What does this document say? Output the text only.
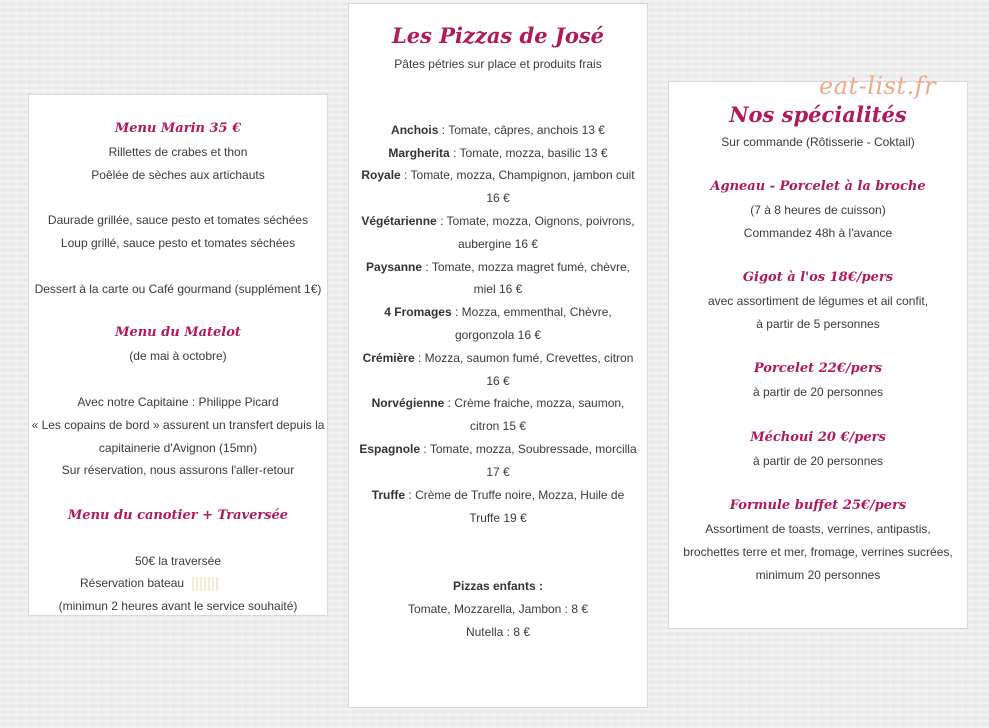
Menu Marin 35 €
Rillettes de crabes et thon
Poêlée de sèches aux artichauts
Daurade grillée, sauce pesto et tomates séchées
Loup grillé, sauce pesto et tomates séchées
Dessert à la carte ou Café gourmand (supplément 1€)
Menu du Matelot
(de mai à octobre)
Avec notre Capitaine : Philippe Picard
« Les copains de bord » assurent un transfert depuis la
capitainerie d'Avignon (15mn)
Sur réservation, nous assurons l'aller-retour
Menu du canotier + Traversée
50€ la traversée
Réservation bateau
(minimun 2 heures avant le service souhaité)
Les Pizzas de José
Pâtes pétries sur place et produits frais
Anchois : Tomate, câpres, anchois 13 €
Margherita : Tomate, mozza, basilic 13 €
Royale : Tomate, mozza, Champignon, jambon cuit
16 €
Végétarienne : Tomate, mozza, Oignons, poivrons,
aubergine 16 €
Paysanne : Tomate, mozza magret fumé, chèvre,
miel 16 €
4 Fromages : Mozza, emmenthal, Chèvre,
gorgonzola 16 €
Crémière : Mozza, saumon fumé, Crevettes, citron
16 €
Norvégienne : Crème fraiche, mozza, saumon,
citron 15 €
Espagnole : Tomate, mozza, Soubressade, morcilla
17 €
Truffe : Crème de Truffe noire, Mozza, Huile de
Truffe 19 €
Pizzas enfants :
Tomate, Mozzarella, Jambon : 8 €
Nutella : 8 €
Nos spécialités
Sur commande (Rôtisserie - Coktail)
Agneau - Porcelet à la broche
(7 à 8 heures de cuisson)
Commandez 48h à l'avance
Gigot à l'os 18€/pers
avec assortiment de légumes et ail confit,
à partir de 5 personnes
Porcelet 22€/pers
à partir de 20 personnes
Méchoui 20 €/pers
à partir de 20 personnes
Formule buffet 25€/pers
Assortiment de toasts, verrines, antipastis,
brochettes terre et mer, fromage, verrines sucrées,
minimum 20 personnes
eat-list.fr
